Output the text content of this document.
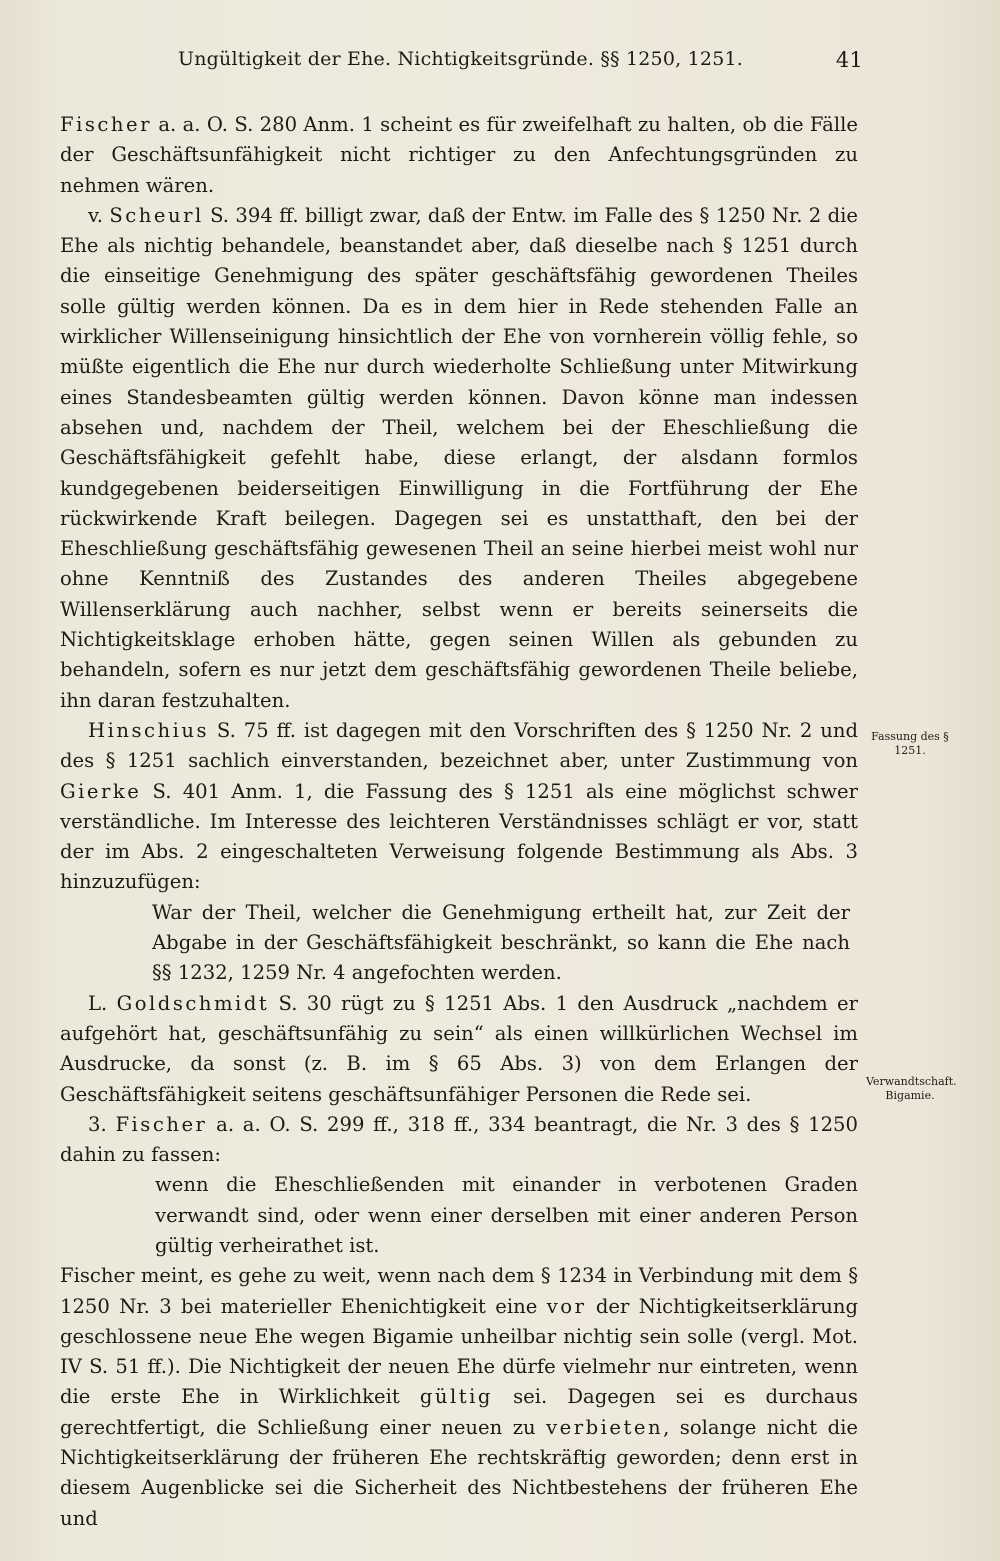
Ungültigkeit der Ehe. Nichtigkeitsgründe. §§ 1250, 1251.	41

Fischer a. a. O. S. 280 Anm. 1 scheint es für zweifelhaft zu halten, ob die Fälle der Geschäftsunfähigkeit nicht richtiger zu den Anfechtungsgründen zu nehmen wären.

v. Scheurl S. 394 ff. billigt zwar, daß der Entw. im Falle des § 1250 Nr. 2 die Ehe als nichtig behandele, beanstandet aber, daß dieselbe nach § 1251 durch die einseitige Genehmigung des später geschäftsfähig gewordenen Theiles solle gültig werden können. Da es in dem hier in Rede stehenden Falle an wirklicher Willenseinigung hinsichtlich der Ehe von vornherein völlig fehle, so müßte eigentlich die Ehe nur durch wiederholte Schließung unter Mitwirkung eines Standesbeamten gültig werden können. Davon könne man indessen absehen und, nachdem der Theil, welchem bei der Eheschließung die Geschäftsfähigkeit gefehlt habe, diese erlangt, der alsdann formlos kundgegebenen beiderseitigen Einwilligung in die Fortführung der Ehe rückwirkende Kraft beilegen. Dagegen sei es unstatthaft, den bei der Eheschließung geschäftsfähig gewesenen Theil an seine hierbei meist wohl nur ohne Kenntniß des Zustandes des anderen Theiles abgegebene Willenserklärung auch nachher, selbst wenn er bereits seinerseits die Nichtigkeitsklage erhoben hätte, gegen seinen Willen als gebunden zu behandeln, sofern es nur jetzt dem geschäftsfähig gewordenen Theile beliebe, ihn daran festzuhalten.

Hinschius S. 75 ff. ist dagegen mit den Vorschriften des § 1250 Nr. 2 und des § 1251 sachlich einverstanden, bezeichnet aber, unter Zustimmung von Gierke S. 401 Anm. 1, die Fassung des § 1251 als eine möglichst schwer verständliche. Im Interesse des leichteren Verständnisses schlägt er vor, statt der im Abs. 2 eingeschalteten Verweisung folgende Bestimmung als Abs. 3 hinzuzufügen:

War der Theil, welcher die Genehmigung ertheilt hat, zur Zeit der Abgabe in der Geschäftsfähigkeit beschränkt, so kann die Ehe nach §§ 1232, 1259 Nr. 4 angefochten werden.

L. Goldschmidt S. 30 rügt zu § 1251 Abs. 1 den Ausdruck „nachdem er aufgehört hat, geschäftsunfähig zu sein“ als einen willkürlichen Wechsel im Ausdrucke, da sonst (z. B. im § 65 Abs. 3) von dem Erlangen der Geschäftsfähigkeit seitens geschäftsunfähiger Personen die Rede sei.

3. Fischer a. a. O. S. 299 ff., 318 ff., 334 beantragt, die Nr. 3 des § 1250 dahin zu fassen:

wenn die Eheschließenden mit einander in verbotenen Graden verwandt sind, oder wenn einer derselben mit einer anderen Person gültig verheirathet ist.

Fischer meint, es gehe zu weit, wenn nach dem § 1234 in Verbindung mit dem § 1250 Nr. 3 bei materieller Ehenichtigkeit eine vor der Nichtigkeitserklärung geschlossene neue Ehe wegen Bigamie unheilbar nichtig sein solle (vergl. Mot. IV S. 51 ff.). Die Nichtigkeit der neuen Ehe dürfe vielmehr nur eintreten, wenn die erste Ehe in Wirklichkeit gültig sei. Dagegen sei es durchaus gerechtfertigt, die Schließung einer neuen zu verbieten, solange nicht die Nichtigkeitserklärung der früheren Ehe rechtskräftig geworden; denn erst in diesem Augenblicke sei die Sicherheit des Nichtbestehens der früheren Ehe und

Fassung des § 1251.
Verwandtschaft. Bigamie.
